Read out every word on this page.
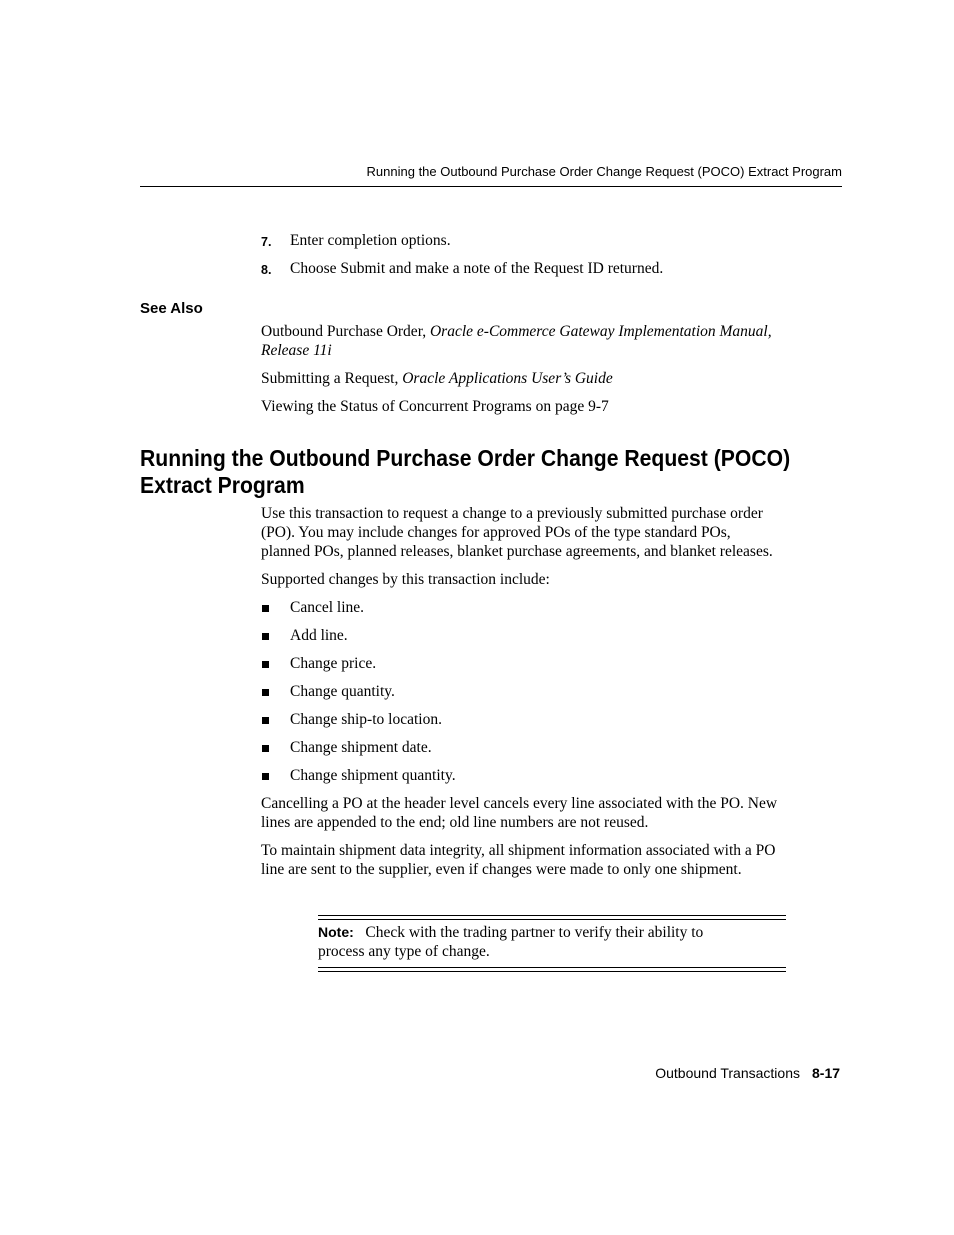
Running the Outbound Purchase Order Change Request (POCO) Extract Program
7. Enter completion options.
8. Choose Submit and make a note of the Request ID returned.
See Also
Outbound Purchase Order, Oracle e-Commerce Gateway Implementation Manual,
Release 11i
Submitting a Request, Oracle Applications User’s Guide
Viewing the Status of Concurrent Programs on page 9-7
Running the Outbound Purchase Order Change Request (POCO)
Extract Program
Use this transaction to request a change to a previously submitted purchase order
(PO). You may include changes for approved POs of the type standard POs,
planned POs, planned releases, blanket purchase agreements, and blanket releases.
Supported changes by this transaction include:
Cancel line.
Add line.
Change price.
Change quantity.
Change ship-to location.
Change shipment date.
Change shipment quantity.
Cancelling a PO at the header level cancels every line associated with the PO. New
lines are appended to the end; old line numbers are not reused.
To maintain shipment data integrity, all shipment information associated with a PO
line are sent to the supplier, even if changes were made to only one shipment.
Note: Check with the trading partner to verify their ability to
process any type of change.
Outbound Transactions 8-17
